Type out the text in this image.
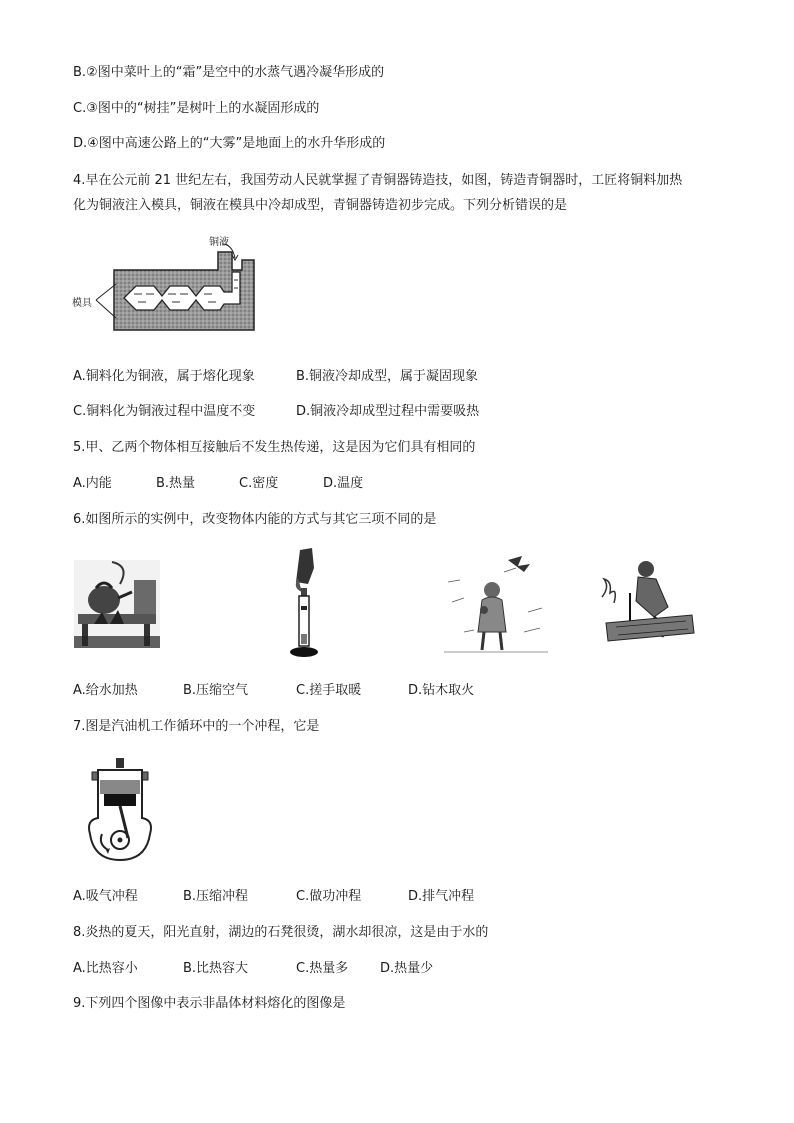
B.②图中菜叶上的“霜”是空中的水蒸气遇冷凝华形成的
C.③图中的“树挂”是树叶上的水凝固形成的
D.④图中高速公路上的“大雾”是地面上的水升华形成的
4.早在公元前 21 世纪左右，我国劳动人民就掌握了青铜器铸造技，如图，铸造青铜器时，工匠将铜料加热
化为铜液注入模具，铜液在模具中冷却成型，青铜器铸造初步完成。下列分析错误的是
铜液
模具
A.铜料化为铜液，属于熔化现象	B.铜液冷却成型，属于凝固现象
C.铜料化为铜液过程中温度不变	D.铜液冷却成型过程中需要吸热
5.甲、乙两个物体相互接触后不发生热传递，这是因为它们具有相同的
A.内能	B.热量	C.密度	D.温度
6.如图所示的实例中，改变物体内能的方式与其它三项不同的是
A.给水加热	B.压缩空气	C.搓手取暖	D.钻木取火
7.图是汽油机工作循环中的一个冲程，它是
A.吸气冲程	B.压缩冲程	C.做功冲程	D.排气冲程
8.炎热的夏天，阳光直射，湖边的石凳很烫，湖水却很凉，这是由于水的
A.比热容小	B.比热容大	C.热量多 D.热量少
9.下列四个图像中表示非晶体材料熔化的图像是
